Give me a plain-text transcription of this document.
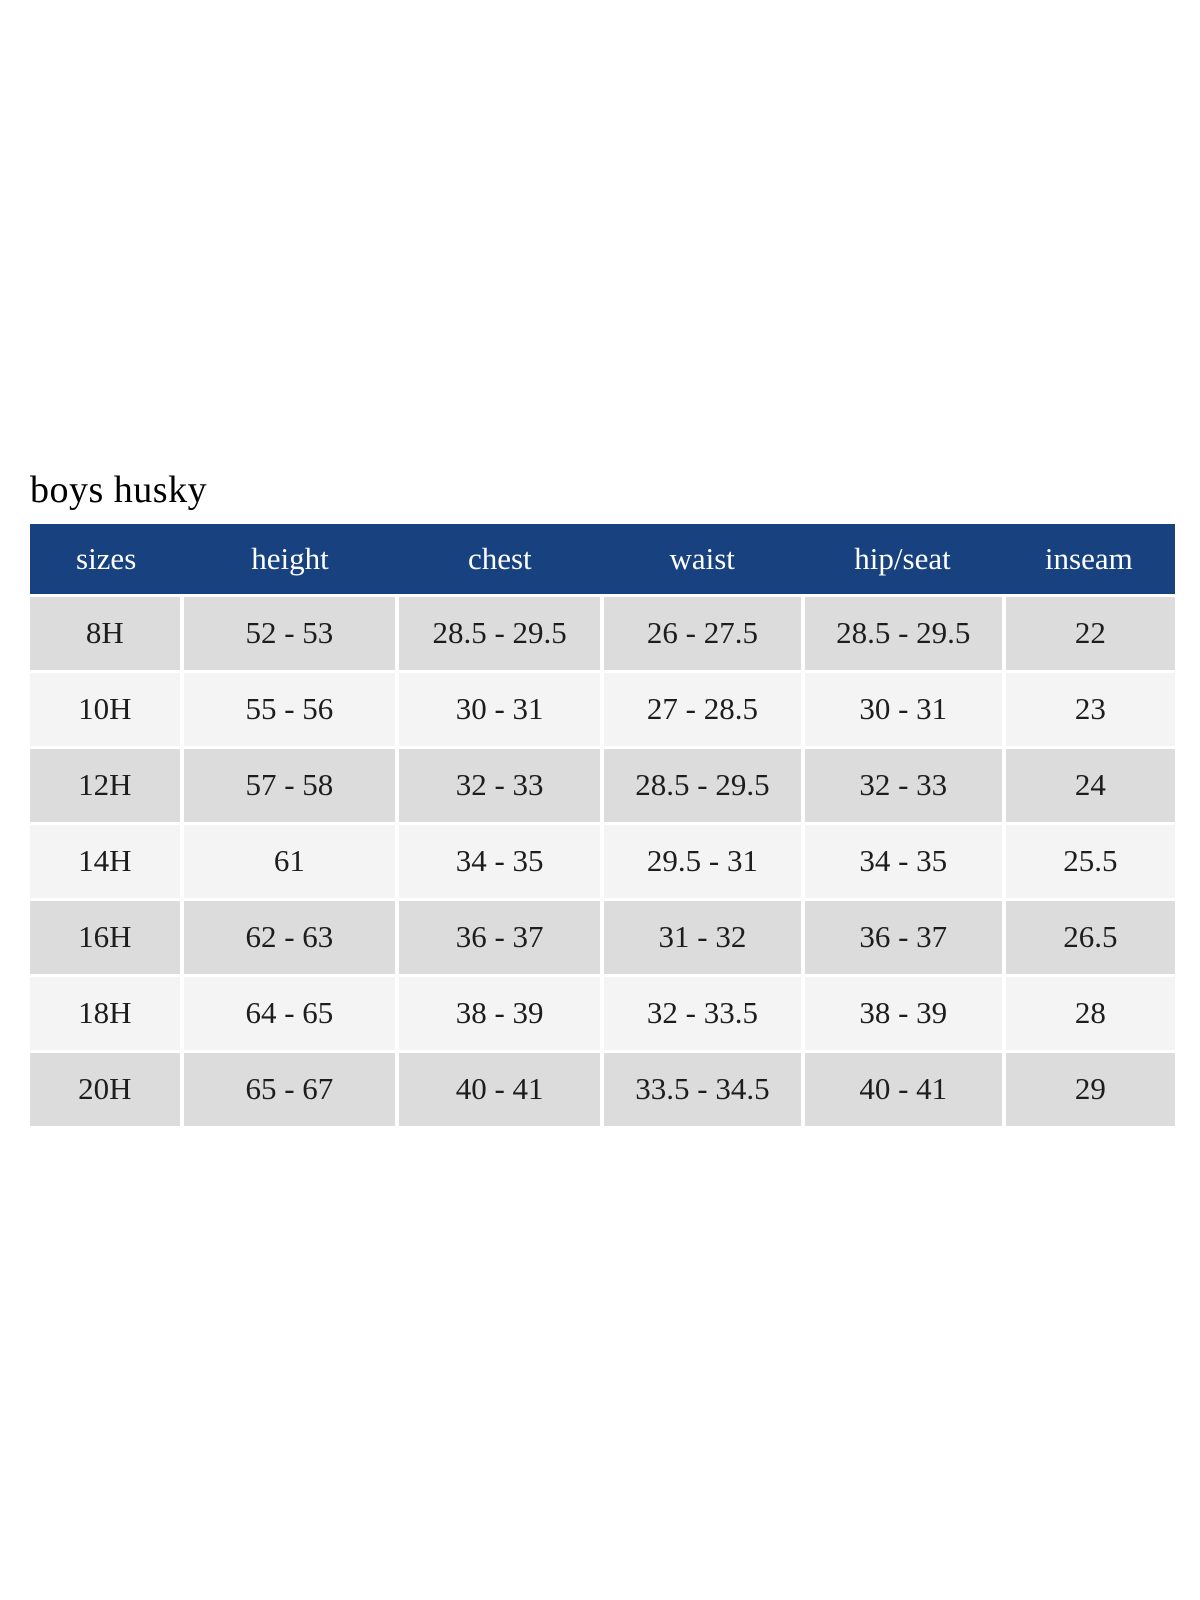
boys husky
sizes	height	chest	waist	hip/seat	inseam
8H	52 - 53	28.5 - 29.5	26 - 27.5	28.5 - 29.5	22
10H	55 - 56	30 - 31	27 - 28.5	30 - 31	23
12H	57 - 58	32 - 33	28.5 - 29.5	32 - 33	24
14H	61	34 - 35	29.5 - 31	34 - 35	25.5
16H	62 - 63	36 - 37	31 - 32	36 - 37	26.5
18H	64 - 65	38 - 39	32 - 33.5	38 - 39	28
20H	65 - 67	40 - 41	33.5 - 34.5	40 - 41	29
